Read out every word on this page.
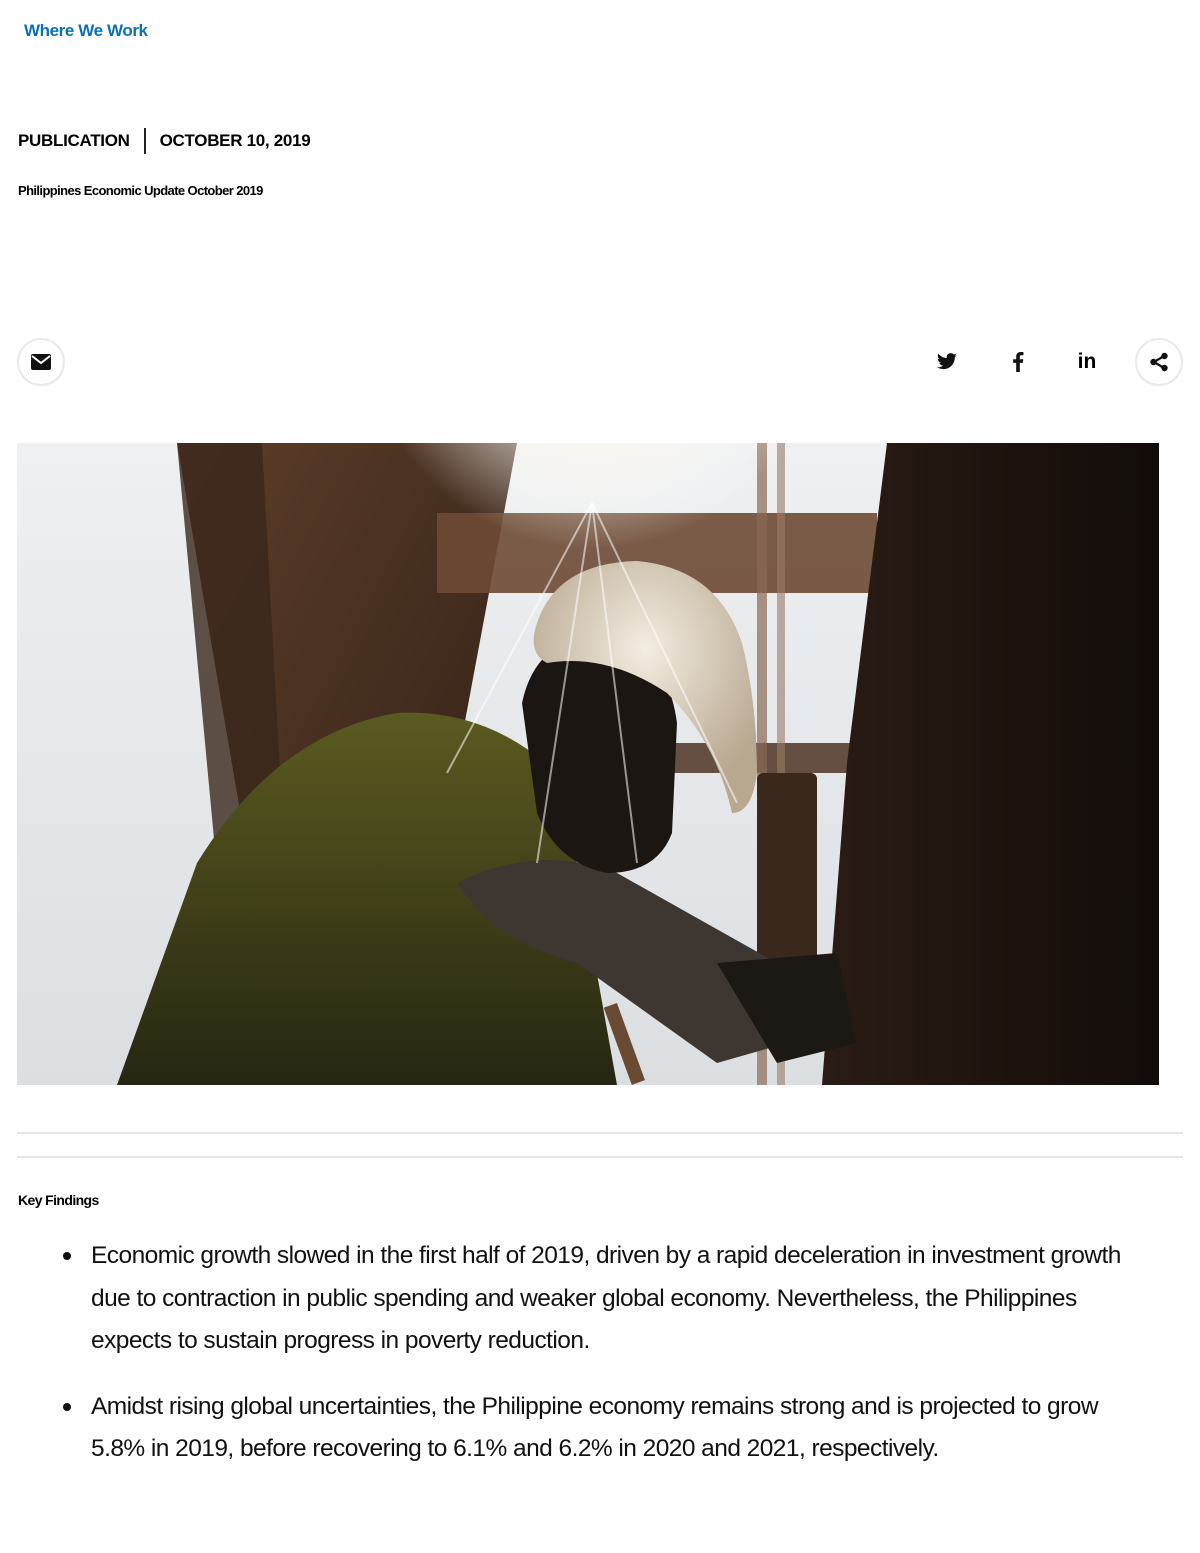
Where We Work
PUBLICATION OCTOBER 10, 2019
Philippines Economic Update October 2019
in
Key Findings
Economic growth slowed in the first half of 2019, driven by a rapid deceleration in investment growth due to contraction in public spending and weaker global economy. Nevertheless, the Philippines expects to sustain progress in poverty reduction.
Amidst rising global uncertainties, the Philippine economy remains strong and is projected to grow 5.8% in 2019, before recovering to 6.1% and 6.2% in 2020 and 2021, respectively.
